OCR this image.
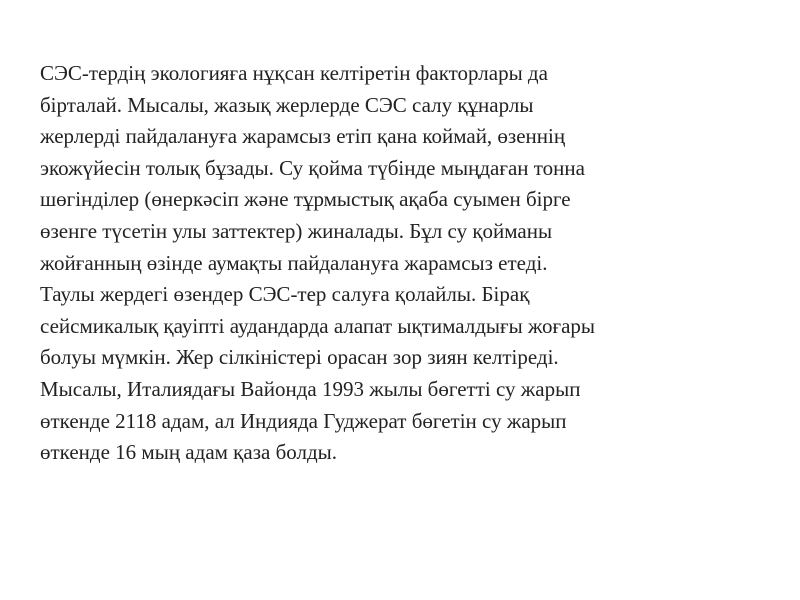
СЭС-тердің экологияға нұқсан келтіретін факторлары да
бірталай. Мысалы, жазық жерлерде СЭС салу құнарлы
жерлерді пайдалануға жарамсыз етіп қана коймай, өзеннің
экожүйесін толық бұзады. Су қойма түбінде мыңдаған тонна
шөгінділер (өнеркәсіп және тұрмыстық ақаба суымен бірге
өзенге түсетін улы заттектер) жиналады. Бұл су қойманы
жойғанның өзінде аумақты пайдалануға жарамсыз етеді.
Таулы жердегі өзендер СЭС-тер салуға қолайлы. Бірақ
сейсмикалық қауіпті аудандарда алапат ықтималдығы жоғары
болуы мүмкін. Жер сілкіністері орасан зор зиян келтіреді.
Мысалы, Италиядағы Вайонда 1993 жылы бөгетті су жарып
өткенде 2118 адам, ал Индияда Гуджерат бөгетін су жарып
өткенде 16 мың адам қаза болды.
